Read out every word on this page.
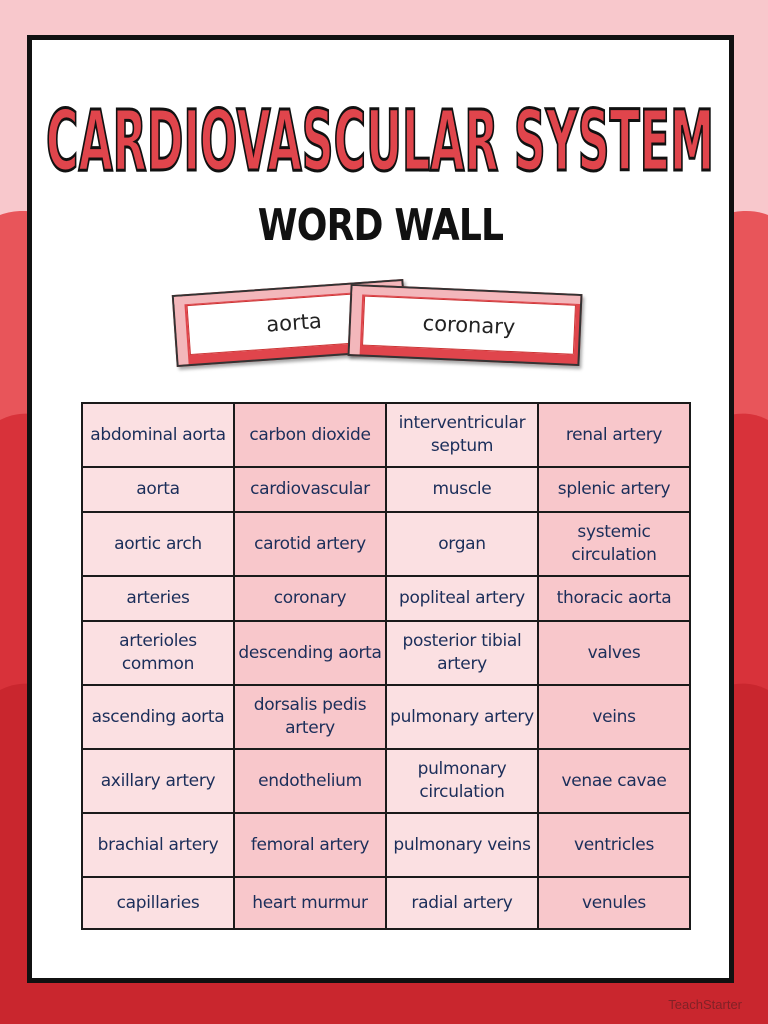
CARDIOVASCULAR SYSTEM
WORD WALL
aorta	coronary
abdominal aorta	carbon dioxide	interventricular septum	renal artery
aorta	cardiovascular	muscle	splenic artery
aortic arch	carotid artery	organ	systemic circulation
arteries	coronary	popliteal artery	thoracic aorta
arterioles common	descending aorta	posterior tibial artery	valves
ascending aorta	dorsalis pedis artery	pulmonary artery	veins
axillary artery	endothelium	pulmonary circulation	venae cavae
brachial artery	femoral artery	pulmonary veins	ventricles
capillaries	heart murmur	radial artery	venules
TeachStarter
